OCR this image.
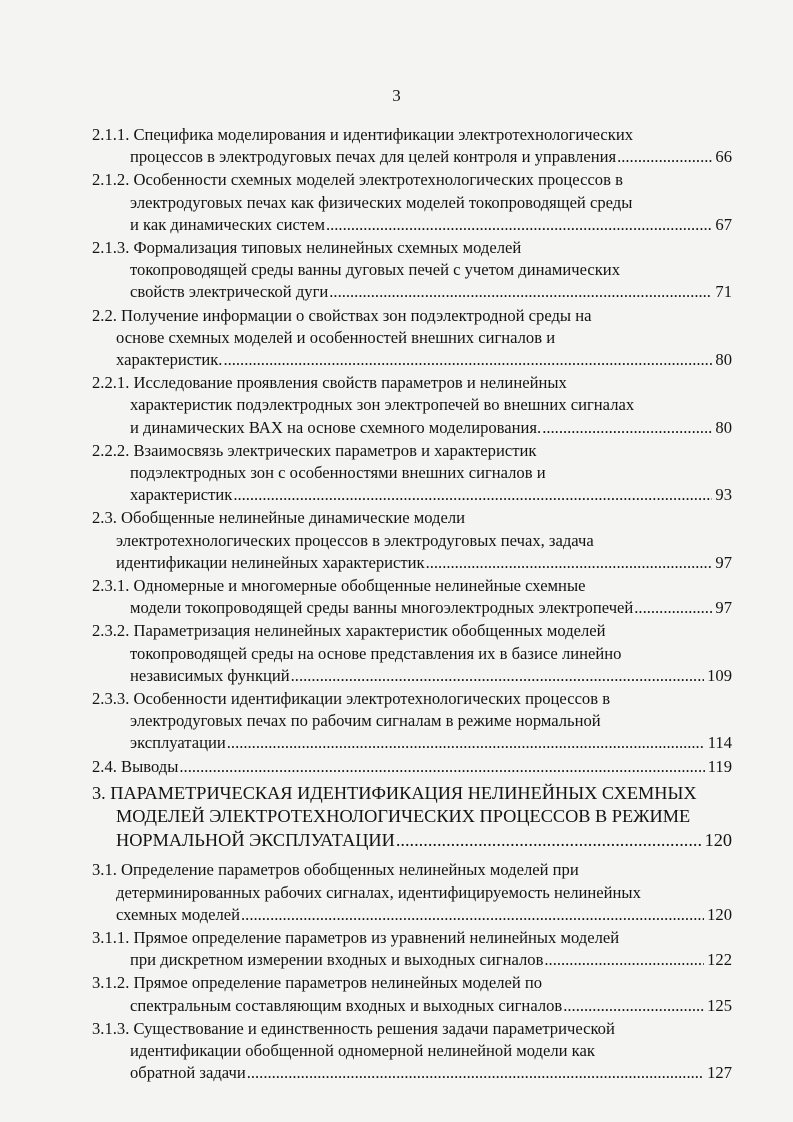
3
2.1.1. Специфика моделирования и идентификации электротехнологических
процессов в электродуговых печах для целей контроля и управления .....	66
2.1.2. Особенности схемных моделей электротехнологических процессов в
электродуговых печах как физических моделей токопроводящей среды
и как динамических систем .....	67
2.1.3. Формализация типовых нелинейных схемных моделей
токопроводящей среды ванны дуговых печей с учетом динамических
свойств электрической дуги .....	71
2.2. Получение информации о свойствах зон подэлектродной среды на
основе схемных моделей и особенностей внешних сигналов и
характеристик. .....	80
2.2.1. Исследование проявления свойств параметров и нелинейных
характеристик подэлектродных зон электропечей во внешних сигналах
и динамических ВАХ на основе схемного моделирования. .....	80
2.2.2. Взаимосвязь электрических параметров и характеристик
подэлектродных зон с особенностями внешних сигналов и
характеристик .....	93
2.3. Обобщенные нелинейные динамические модели
электротехнологических процессов в электродуговых печах, задача
идентификации нелинейных характеристик .....	97
2.3.1. Одномерные и многомерные обобщенные нелинейные схемные
модели токопроводящей среды ванны многоэлектродных электропечей .....	97
2.3.2. Параметризация нелинейных характеристик обобщенных моделей
токопроводящей среды на основе представления их в базисе линейно
независимых функций .....	109
2.3.3. Особенности идентификации электротехнологических процессов в
электродуговых печах по рабочим сигналам в режиме нормальной
эксплуатации .....	114
2.4. Выводы .....	119
3. ПАРАМЕТРИЧЕСКАЯ ИДЕНТИФИКАЦИЯ НЕЛИНЕЙНЫХ СХЕМНЫХ
МОДЕЛЕЙ ЭЛЕКТРОТЕХНОЛОГИЧЕСКИХ ПРОЦЕССОВ В РЕЖИМЕ
НОРМАЛЬНОЙ ЭКСПЛУАТАЦИИ .....	120
3.1. Определение параметров обобщенных нелинейных моделей при
детерминированных рабочих сигналах, идентифицируемость нелинейных
схемных моделей .....	120
3.1.1. Прямое определение параметров из уравнений нелинейных моделей
при дискретном измерении входных и выходных сигналов .....	122
3.1.2. Прямое определение параметров нелинейных моделей по
спектральным составляющим входных и выходных сигналов .....	125
3.1.3. Существование и единственность решения задачи параметрической
идентификации обобщенной одномерной нелинейной модели как
обратной задачи .....	127
